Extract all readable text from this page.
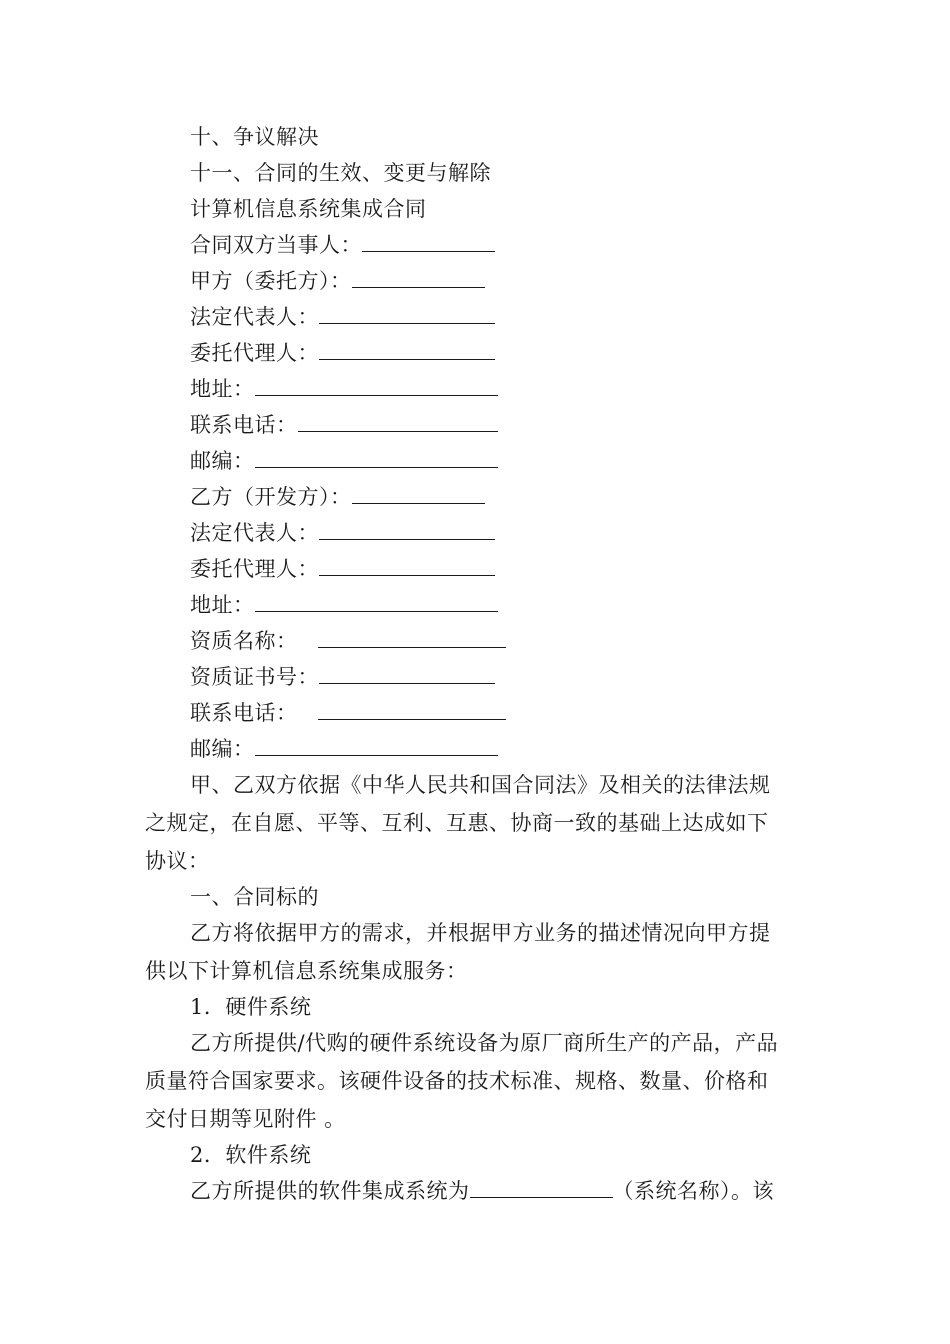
十、争议解决
十一、合同的生效、变更与解除
计算机信息系统集成合同
合同双方当事人：
甲方（委托方）：
法定代表人：
委托代理人：
地址：
联系电话：
邮编：
乙方（开发方）：
法定代表人：
委托代理人：
地址：
资质名称：
资质证书号：
联系电话：
邮编：
甲、乙双方依据《中华人民共和国合同法》及相关的法律法规
之规定，在自愿、平等、互利、互惠、协商一致的基础上达成如下
协议：
一、合同标的
乙方将依据甲方的需求，并根据甲方业务的描述情况向甲方提
供以下计算机信息系统集成服务：
1．硬件系统
乙方所提供/代购的硬件系统设备为原厂商所生产的产品，产品
质量符合国家要求。该硬件设备的技术标准、规格、数量、价格和
交付日期等见附件 。
2．软件系统
乙方所提供的软件集成系统为	（系统名称）。该
